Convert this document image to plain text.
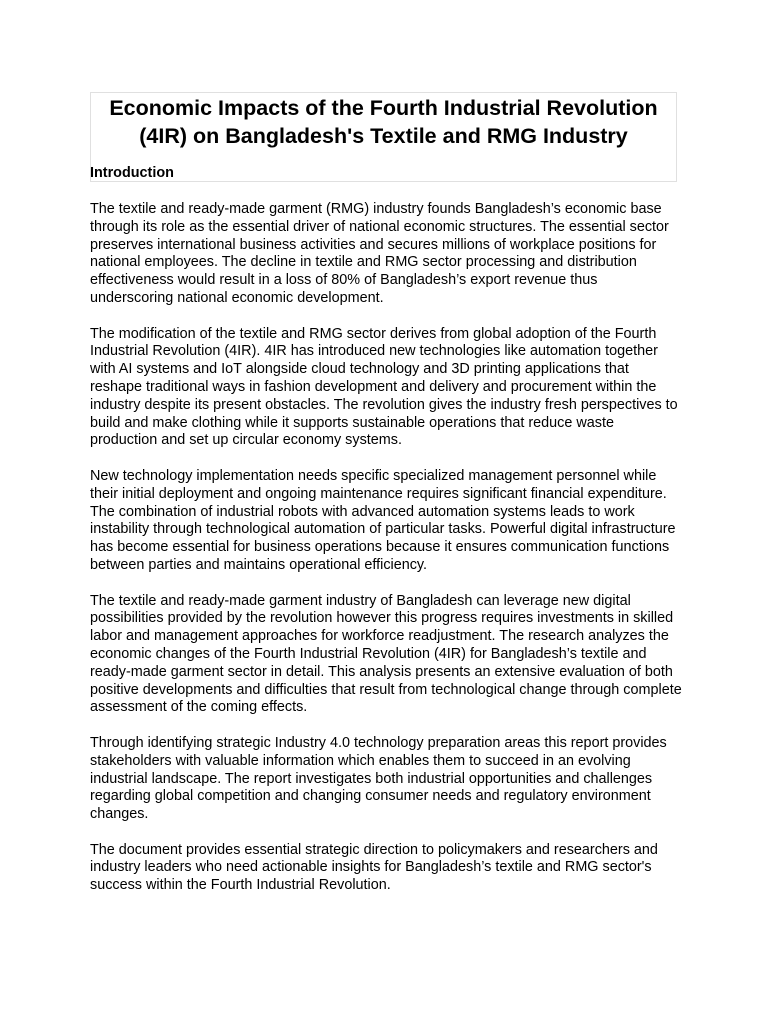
Economic Impacts of the Fourth Industrial Revolution (4IR) on Bangladesh's Textile and RMG Industry
Introduction

The textile and ready-made garment (RMG) industry founds Bangladesh’s economic base through its role as the essential driver of national economic structures. The essential sector preserves international business activities and secures millions of workplace positions for national employees. The decline in textile and RMG sector processing and distribution effectiveness would result in a loss of 80% of Bangladesh’s export revenue thus underscoring national economic development.

The modification of the textile and RMG sector derives from global adoption of the Fourth Industrial Revolution (4IR). 4IR has introduced new technologies like automation together with AI systems and IoT alongside cloud technology and 3D printing applications that reshape traditional ways in fashion development and delivery and procurement within the industry despite its present obstacles. The revolution gives the industry fresh perspectives to build and make clothing while it supports sustainable operations that reduce waste production and set up circular economy systems.

New technology implementation needs specific specialized management personnel while their initial deployment and ongoing maintenance requires significant financial expenditure. The combination of industrial robots with advanced automation systems leads to work instability through technological automation of particular tasks. Powerful digital infrastructure has become essential for business operations because it ensures communication functions between parties and maintains operational efficiency.

The textile and ready-made garment industry of Bangladesh can leverage new digital possibilities provided by the revolution however this progress requires investments in skilled labor and management approaches for workforce readjustment. The research analyzes the economic changes of the Fourth Industrial Revolution (4IR) for Bangladesh’s textile and ready-made garment sector in detail. This analysis presents an extensive evaluation of both positive developments and difficulties that result from technological change through complete assessment of the coming effects.

Through identifying strategic Industry 4.0 technology preparation areas this report provides stakeholders with valuable information which enables them to succeed in an evolving industrial landscape. The report investigates both industrial opportunities and challenges regarding global competition and changing consumer needs and regulatory environment changes.

The document provides essential strategic direction to policymakers and researchers and industry leaders who need actionable insights for Bangladesh’s textile and RMG sector's success within the Fourth Industrial Revolution.
